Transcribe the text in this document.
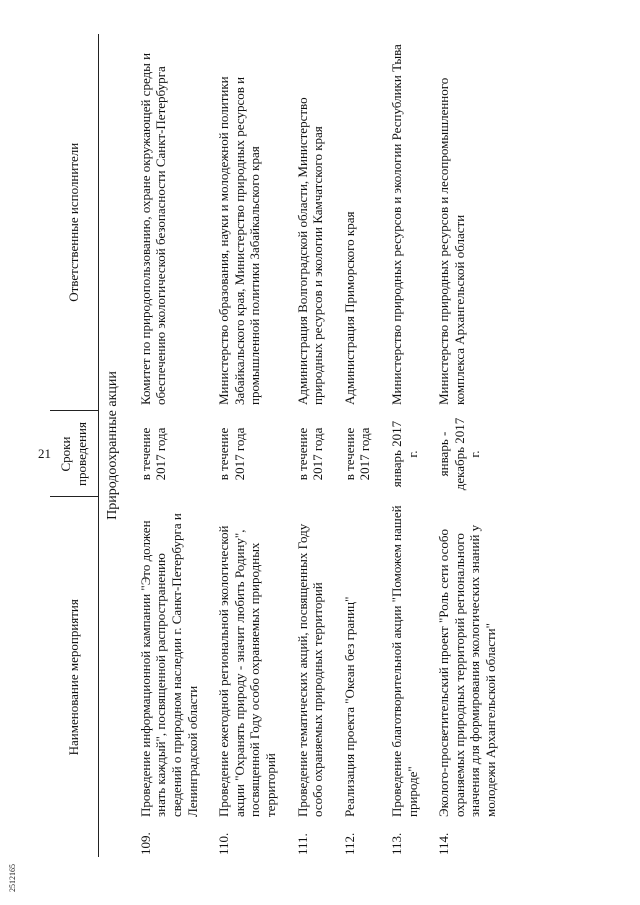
21
2512165
Наименование мероприятия		Сроки проведения	Ответственные исполнители
Природоохранные акции			
109.	Проведение информационной кампании "Это должен знать каждый", посвященной распространению сведений о природном наследии г. Санкт-Петербурга и Ленинградской области	в течение 2017 года	Комитет по природопользованию, охране окружающей среды и обеспечению экологической безопасности Санкт-Петербурга
110.	Проведение ежегодной региональной экологической акции "Охранять природу - значит любить Родину", посвященной Году особо охраняемых природных территорий	в течение 2017 года	Министерство образования, науки и молодежной политики Забайкальского края, Министерство природных ресурсов и промышленной политики Забайкальского края
111.	Проведение тематических акций, посвященных Году особо охраняемых природных территорий	в течение 2017 года	Администрация Волгоградской области, Министерство природных ресурсов и экологии Камчатского края
112.	Реализация проекта "Океан без границ"	в течение 2017 года	Администрация Приморского края
113.	Проведение благотворительной акции "Поможем нашей природе"	январь 2017 г.	Министерство природных ресурсов и экологии Республики Тыва
114.	Эколого-просветительский проект "Роль сети особо охраняемых природных территорий регионального значения для формирования экологических знаний у молодежи Архангельской области"	январь - декабрь 2017 г.	Министерство природных ресурсов и лесопромышленного комплекса Архангельской области
